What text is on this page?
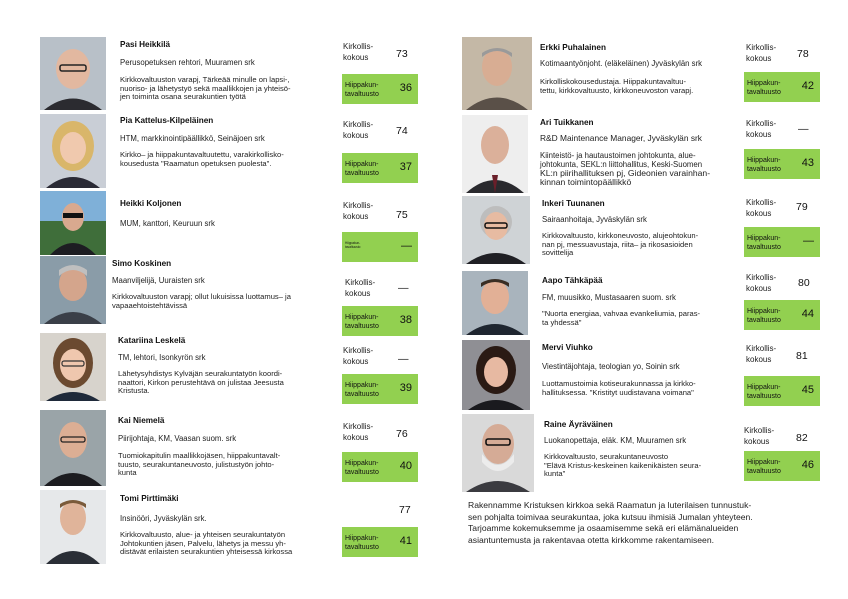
Pasi Heikkilä
Perusopetuksen rehtori, Muuramen srk
Kirkkovaltuuston varapj, Tärkeää minulle on lapsi-,
nuoriso- ja lähetystyö sekä maallikkojen ja yhteisö-
jen toiminta osana seurakuntien työtä
Kirkollis-
kokous	73
Hiippakun-
tavaltuusto
36
Pia Kattelus-Kilpeläinen
HTM, markkinointipäällikkö, Seinäjoen srk
Kirkko– ja hiippakuntavaltuutettu, varakirkollisko-
kousedusta "Raamatun opetuksen puolesta".
Kirkollis-
kokous	74
Hiippakun-
tavaltuusto
37
Heikki Koljonen
MUM, kanttori, Keuruun srk
Kirkollis-
kokous	75
Hiippakun-
tavaltuusto	—
Simo Koskinen
Maanviljelijä, Uuraisten srk
Kirkkovaltuuston varapj; ollut lukuisissa luottamus– ja
vapaaehtoistehtävissä
Kirkollis-
kokous	—
Hiippakun-
tavaltuusto
38
Katariina Leskelä
TM, lehtori, Isonkyrön srk
Lähetysyhdistys Kylväjän seurakuntatyön koordi-
naattori, Kirkon perustehtävä on julistaa Jeesusta
Kristusta.
Kirkollis-
kokous	—
Hiippakun-
tavaltuusto
39
Kai Niemelä
Piirijohtaja, KM, Vaasan suom. srk
Tuomiokapitulin maallikkojäsen, hiippakuntavalt-
tuusto, seurakuntaneuvosto, julistustyön johto-
kunta
Kirkollis-
kokous	76
Hiippakun-
tavaltuusto
40
Tomi Pirttimäki
Insinööri, Jyväskylän srk.
Kirkkovaltuusto, alue- ja yhteisen seurakuntatyön
Johtokuntien jäsen, Palvelu, lähetys ja messu yh-
distävät erilaisten seurakuntien yhteisessä kirkossa
77
Hiippakun-
tavaltuusto
41
Erkki Puhalainen
Kotimaantyönjoht. (eläkeläinen) Jyväskylän srk
Kirkolliskokousedustaja. Hiippakuntavaltuu-
tettu, kirkkovaltuusto, kirkkoneuvoston varapj.
Kirkollis-
kokous	78
Hiippakun-
tavaltuusto
42
Ari Tuikkanen
R&D Maintenance Manager, Jyväskylän srk
Kiinteistö- ja hautaustoimen johtokunta, alue-
johtokunta, SEKL:n liittohallitus, Keski-Suomen
KL:n piirihallituksen pj, Gideonien varainhan-
kinnan toimintopäällikkö
Kirkollis-
kokous	—
Hiippakun-
tavaltuusto
43
Inkeri Tuunanen
Sairaanhoitaja, Jyväskylän srk
Kirkkovaltuusto, kirkkoneuvosto, alujeohtokun-
nan pj, messuavustaja, riita– ja rikosasioiden
sovittelija
Kirkollis-
kokous	79
Hiippakun-
tavaltuusto
—
Aapo Tähkäpää
FM, muusikko, Mustasaaren suom. srk
"Nuorta energiaa, vahvaa evankeliumia, paras-
ta yhdessä"
Kirkollis-
kokous	80
Hiippakun-
tavaltuusto
44
Mervi Viuhko
Viestintäjohtaja, teologian yo, Soinin srk
Luottamustoimia kotiseurakunnassa ja kirkko-
hallituksessa. "Kristityt uudistavana voimana"
Kirkollis-
kokous	81
Hiippakun-
tavaltuusto
45
Raine Äyräväinen
Luokanopettaja, eläk. KM, Muuramen srk
Kirkkovaltuusto, seurakuntaneuvosto
"Elävä Kristus-keskeinen kaikenikäisten seura-
kunta"
Kirkollis-
kokous	82
Hiippakun-
tavaltuusto
46
Rakennamme Kristuksen kirkkoa sekä Raamatun ja luterilaisen tunnustuk-
sen pohjalta toimivaa seurakuntaa, joka kutsuu ihmisiä Jumalan yhteyteen.
Tarjoamme kokemuksemme ja osaamisemme sekä eri elämänalueiden
asiantuntemusta ja rakentavaa otetta kirkkomme rakentamiseen.
